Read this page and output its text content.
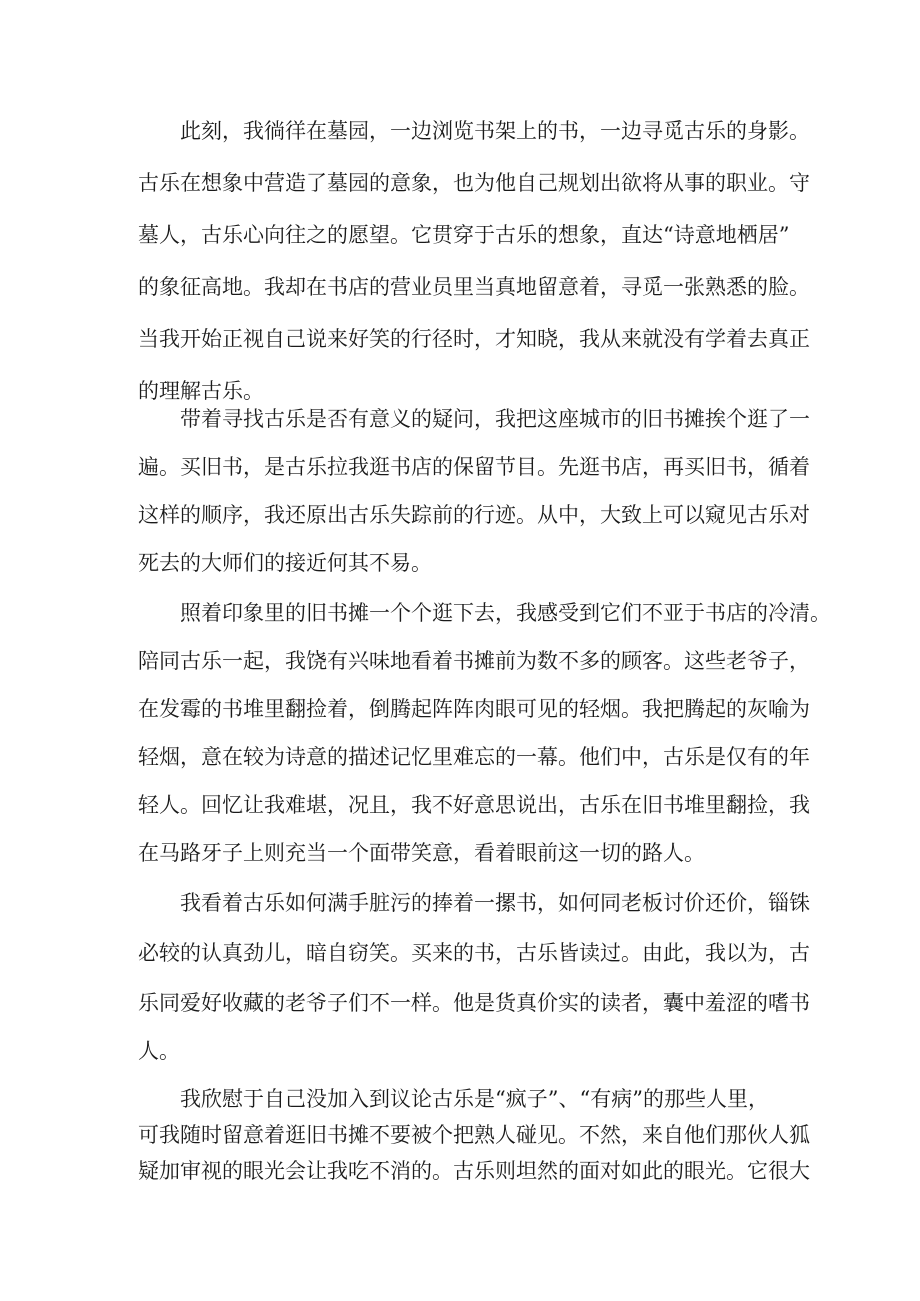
此刻，我徜徉在墓园，一边浏览书架上的书，一边寻觅古乐的身影。
古乐在想象中营造了墓园的意象，也为他自己规划出欲将从事的职业。守
墓人，古乐心向往之的愿望。它贯穿于古乐的想象，直达“诗意地栖居”
的象征高地。我却在书店的营业员里当真地留意着，寻觅一张熟悉的脸。
当我开始正视自己说来好笑的行径时，才知晓，我从来就没有学着去真正
的理解古乐。
带着寻找古乐是否有意义的疑问，我把这座城市的旧书摊挨个逛了一
遍。买旧书，是古乐拉我逛书店的保留节目。先逛书店，再买旧书，循着
这样的顺序，我还原出古乐失踪前的行迹。从中，大致上可以窥见古乐对
死去的大师们的接近何其不易。
照着印象里的旧书摊一个个逛下去，我感受到它们不亚于书店的冷清。
陪同古乐一起，我饶有兴味地看着书摊前为数不多的顾客。这些老爷子，
在发霉的书堆里翻捡着，倒腾起阵阵肉眼可见的轻烟。我把腾起的灰喻为
轻烟，意在较为诗意的描述记忆里难忘的一幕。他们中，古乐是仅有的年
轻人。回忆让我难堪，况且，我不好意思说出，古乐在旧书堆里翻捡，我
在马路牙子上则充当一个面带笑意，看着眼前这一切的路人。
我看着古乐如何满手脏污的捧着一摞书，如何同老板讨价还价，锱铢
必较的认真劲儿，暗自窃笑。买来的书，古乐皆读过。由此，我以为，古
乐同爱好收藏的老爷子们不一样。他是货真价实的读者，囊中羞涩的嗜书
人。
我欣慰于自己没加入到议论古乐是“疯子”、“有病”的那些人里，
可我随时留意着逛旧书摊不要被个把熟人碰见。不然，来自他们那伙人狐
疑加审视的眼光会让我吃不消的。古乐则坦然的面对如此的眼光。它很大
